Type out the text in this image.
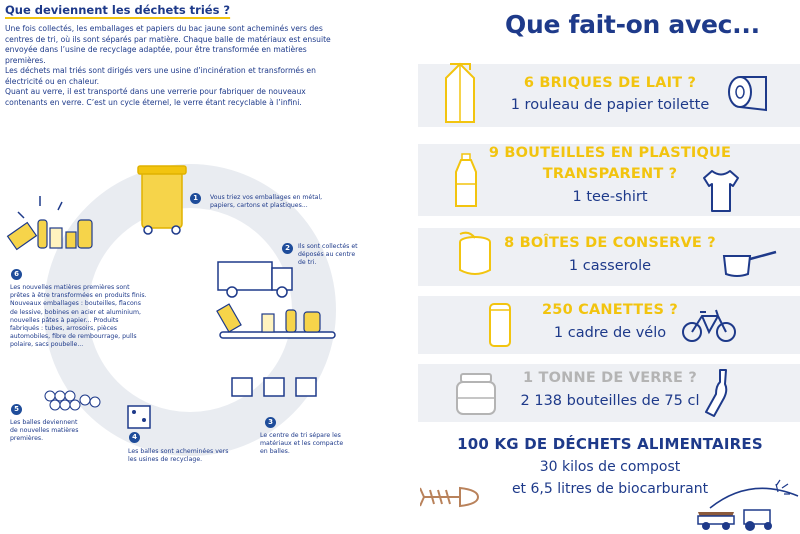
Que deviennent les déchets triés ?

Une fois collectés, les emballages et papiers du bac jaune sont acheminés vers des centres de tri, où ils sont séparés par matière. Chaque balle de matériaux est ensuite envoyée dans l’usine de recyclage adaptée, pour être transformée en matières premières.

Les déchets mal triés sont dirigés vers une usine d’incinération et transformés en électricité ou en chaleur.

Quant au verre, il est transporté dans une verrerie pour fabriquer de nouveaux contenants en verre. C’est un cycle éternel, le verre étant recyclable à l’infini.

1	Vous triez vos emballages en métal, papiers, cartons et plastiques...
2	Ils sont collectés et déposés au centre de tri.
3
Le centre de tri sépare les matériaux et les compacte en balles.
4
Les balles sont acheminées vers les usines de recyclage.
5
Les balles deviennent de nouvelles matières premières.
6
Les nouvelles matières premières sont prêtes à être transformées en produits finis. Nouveaux emballages : bouteilles, flacons de lessive, bobines en acier et aluminium, nouvelles pâtes à papier... Produits fabriqués : tubes, arrosoirs, pièces automobiles, fibre de rembourrage, pulls polaire, sacs poubelle...
Que fait-on avec...
6 BRIQUES DE LAIT ?
1 rouleau de papier toilette
9 BOUTEILLES EN PLASTIQUE
TRANSPARENT ?
1 tee-shirt
8 BOÎTES DE CONSERVE ?
1 casserole
250 CANETTES ?
1 cadre de vélo
1 TONNE DE VERRE ?
2 138 bouteilles de 75 cl
100 KG DE DÉCHETS ALIMENTAIRES
30 kilos de compost
et 6,5 litres de biocarburant
